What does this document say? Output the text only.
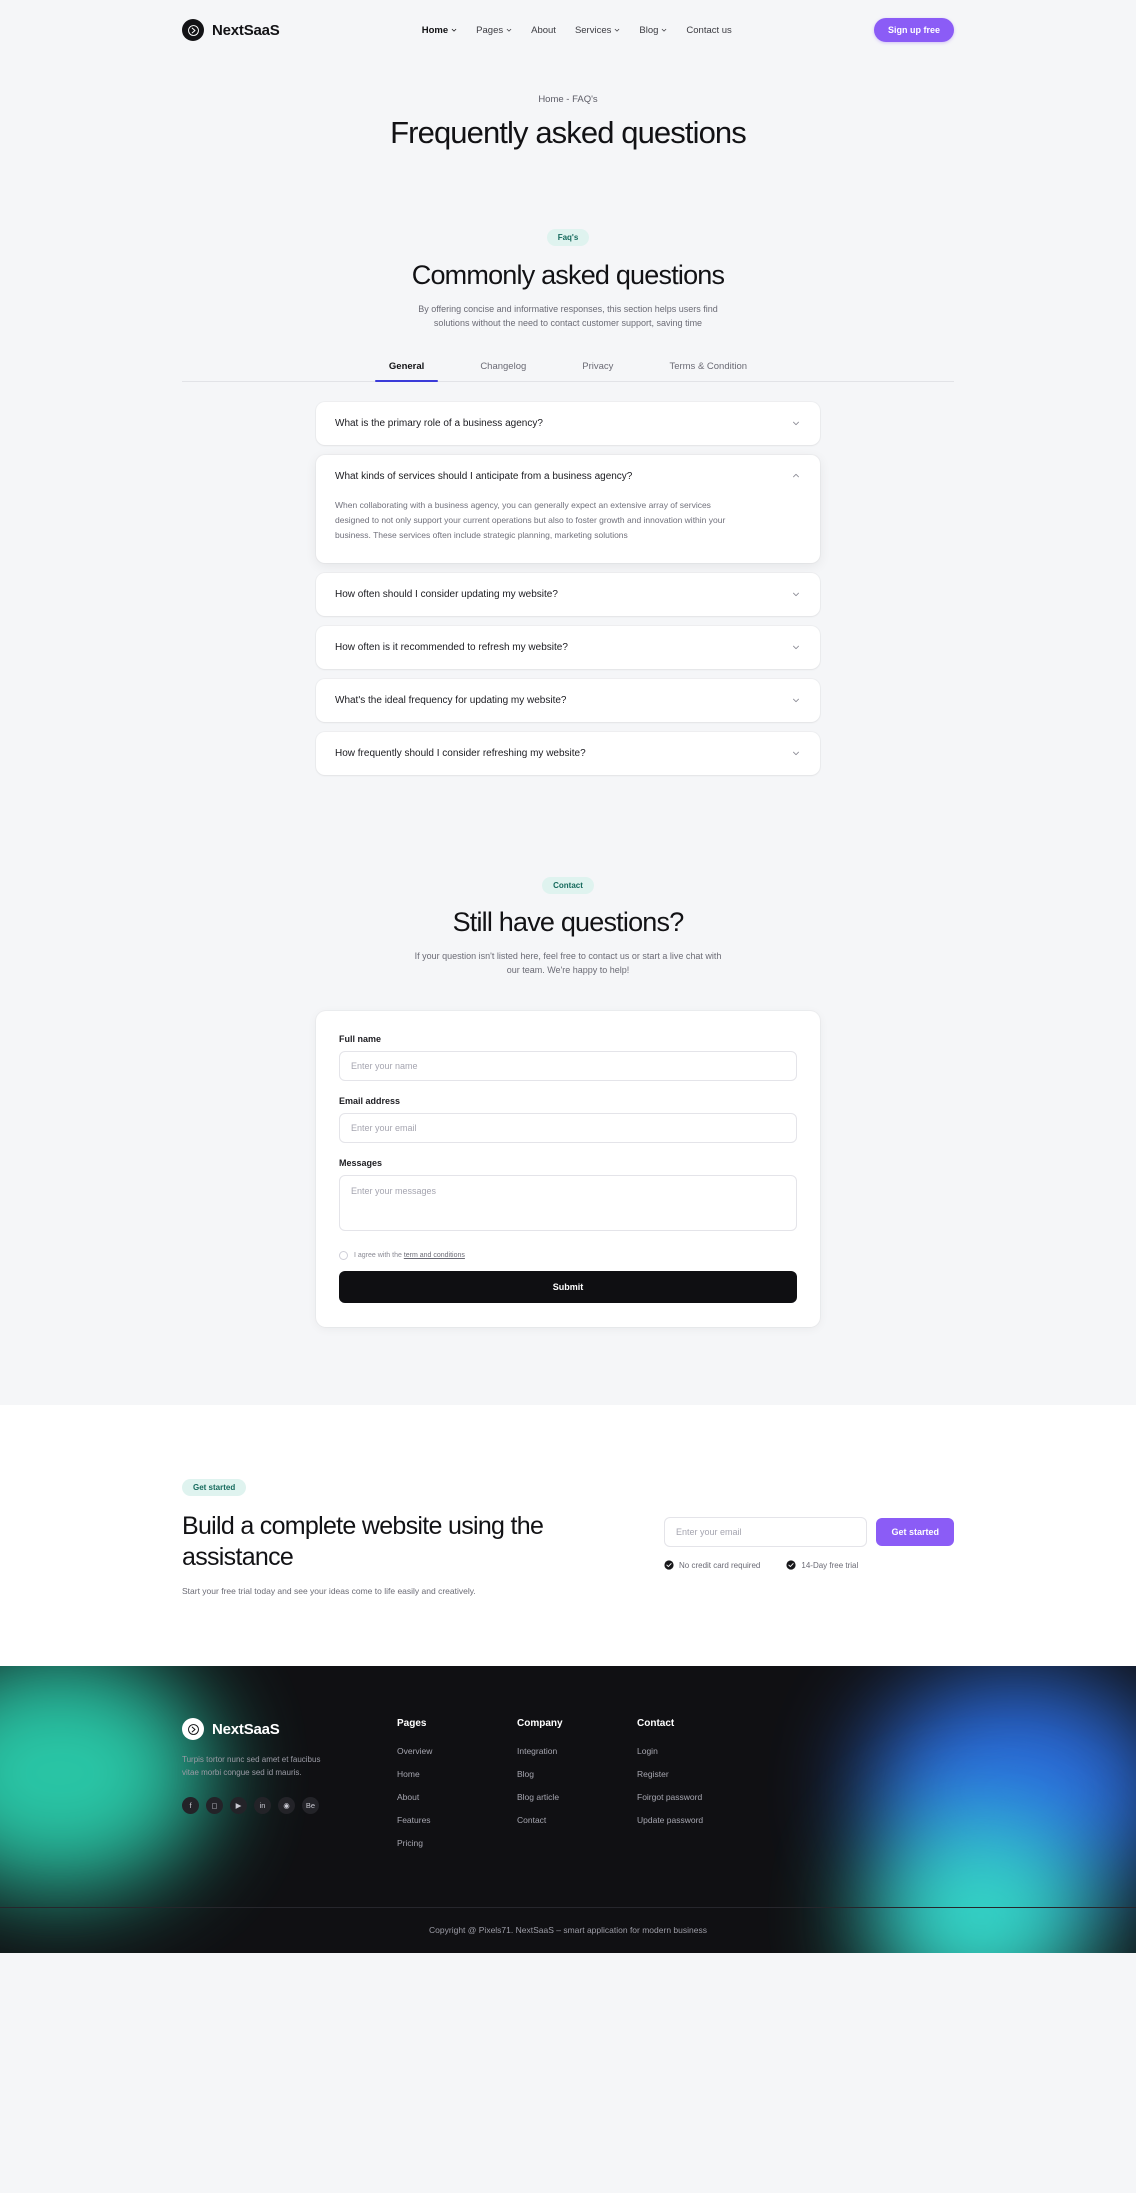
NextSaaS	Home	Pages	About Services	Blog	Contact us	Sign up free
Home - FAQ's
Frequently asked questions
Faq's
Commonly asked questions

By offering concise and informative responses, this section helps users find solutions without the need to contact customer support, saving time

General	Changelog	Privacy	Terms & Condition
What is the primary role of a business agency?
What kinds of services should I anticipate from a business agency?
When collaborating with a business agency, you can generally expect an extensive array of services designed to not only support your current operations but also to foster growth and innovation within your business. These services often include strategic planning, marketing solutions
How often should I consider updating my website?
How often is it recommended to refresh my website?
What's the ideal frequency for updating my website?
How frequently should I consider refreshing my website?
Contact
Still have questions?

If your question isn't listed here, feel free to contact us or start a live chat with our team. We're happy to help!

Full name
Enter your name
Email address
Enter your email
Messages
Enter your messages
I agree with the term and conditions
Submit
Get started
Build a complete website using the assistance

Start your free trial today and see your ideas come to life easily and creatively.

Enter your email
Get started
No credit card required	14-Day free trial
NextSaaS

Turpis tortor nunc sed amet et faucibus vitae morbi congue sed id mauris.

f	◻	▶	in	◉	Be
Pages
Overview
Home
About
Features
Pricing
Company
Integration
Blog
Blog article
Contact
Contact
Login
Register
Foirgot password
Update password
Copyright @ Pixels71. NextSaaS – smart application for modern business
